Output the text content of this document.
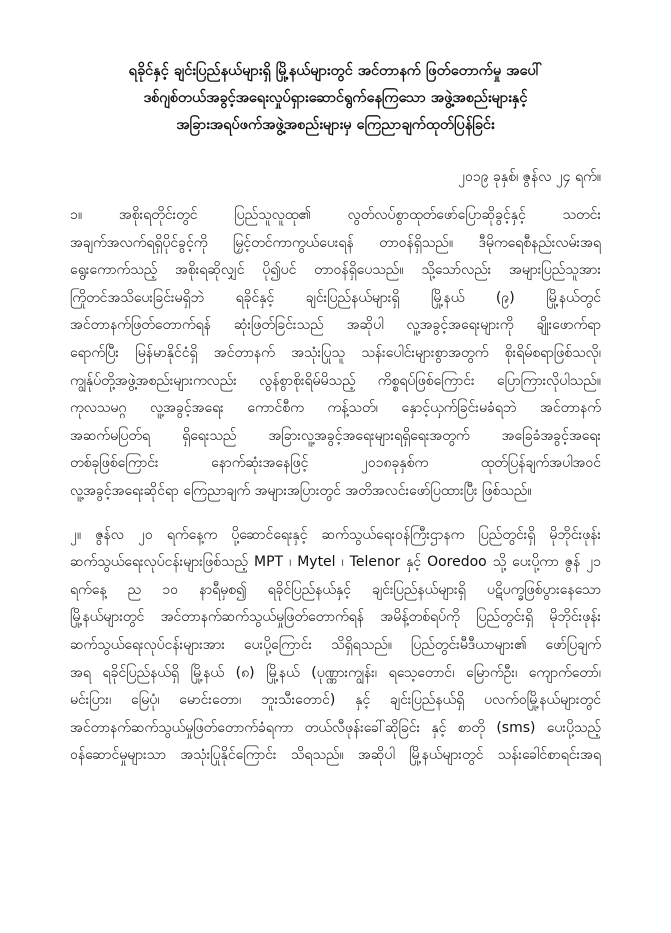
ရခိုင်နှင့် ချင်းပြည်နယ်များရှိ မြို့နယ်များတွင် အင်တာနက် ဖြတ်တောက်မှု အပေါ်
ဒစ်ဂျစ်တယ်အခွင့်အရေးလှုပ်ရှားဆောင်ရွက်နေကြသော အဖွဲ့အစည်းများနှင့်
အခြားအရပ်ဖက်အဖွဲ့အစည်းများမှ ကြေညာချက်ထုတ်ပြန်ခြင်း
၂၀၁၉ ခုနှစ်၊ ဇွန်လ ၂၄ ရက်။
၁။ အစိုးရတိုင်းတွင် ပြည်သူလူထု၏ လွတ်လပ်စွာထုတ်ဖော်ပြောဆိုခွင့်နှင့် သတင်း
အချက်အလက်ရရှိပိုင်ခွင့်ကို မြှင့်တင်ကာကွယ်ပေးရန် တာဝန်ရှိသည်။ ဒီမိုကရေစီနည်းလမ်းအရ
ရွေးကောက်သည့် အစိုးရဆိုလျှင် ပို၍ပင် တာဝန်ရှိပေသည်။ သို့သော်လည်း အများပြည်သူအား
ကြိုတင်အသိပေးခြင်းမရှိဘဲ ရခိုင်နှင့် ချင်းပြည်နယ်များရှိ မြို့နယ် (၉) မြို့နယ်တွင်
အင်တာနက်ဖြတ်တောက်ရန် ဆုံးဖြတ်ခြင်းသည် အဆိုပါ လူ့အခွင့်အရေးများကို ချိုးဖောက်ရာ
ရောက်ပြီး မြန်မာနိုင်ငံရှိ အင်တာနက် အသုံးပြုသူ သန်းပေါင်းများစွာအတွက် စိုးရိမ်စရာဖြစ်သလို၊
ကျွန်ုပ်တို့အဖွဲ့အစည်းများကလည်း လွန်စွာစိုးရိမ်မိသည့် ကိစ္စရပ်ဖြစ်ကြောင်း ပြောကြားလိုပါသည်။
ကုလသမဂ္ဂ လူ့အခွင့်အရေး ကောင်စီက ကန့်သတ်၊ နှောင့်ယှက်ခြင်းမခံရဘဲ အင်တာနက်
အဆက်မပြတ်ရ ရှိရေးသည် အခြားလူ့အခွင့်အရေးများရရှိရေးအတွက် အခြေခံအခွင့်အရေး
တစ်ခုဖြစ်ကြောင်း နောက်ဆုံးအနေဖြင့် ၂၀၁၈ခုနှစ်က ထုတ်ပြန်ချက်အပါအဝင်
လူ့အခွင့်အရေးဆိုင်ရာ ကြေညာချက် အများအပြားတွင် အတိအလင်းဖော်ပြထားပြီး ဖြစ်သည်။
၂။ ဇွန်လ ၂၀ ရက်နေ့က ပို့ဆောင်ရေးနှင့် ဆက်သွယ်ရေးဝန်ကြီးဌာနက ပြည်တွင်းရှိ မိုဘိုင်းဖုန်း
ဆက်သွယ်ရေးလုပ်ငန်းများဖြစ်သည့် MPT ၊ Mytel ၊ Telenor နှင့် Ooredoo သို့ ပေးပို့ကာ ဇွန် ၂၁
ရက်နေ့ ည ၁၀ နာရီမှစ၍ ရခိုင်ပြည်နယ်နှင့် ချင်းပြည်နယ်များရှိ ပဋိပက္ခဖြစ်ပွားနေသော
မြို့နယ်များတွင် အင်တာနက်ဆက်သွယ်မှုဖြတ်တောက်ရန် အမိန့်တစ်ရပ်ကို ပြည်တွင်းရှိ မိုဘိုင်းဖုန်း
ဆက်သွယ်ရေးလုပ်ငန်းများအား ပေးပို့ကြောင်း သိရှိရသည်။ ပြည်တွင်းမီဒီယာများ၏ ဖော်ပြချက်
အရ ရခိုင်ပြည်နယ်ရှိ မြို့နယ် (၈) မြို့နယ် (ပုဏ္ဏားကျွန်း၊ ရသေ့တောင်၊ မြောက်ဦး၊ ကျောက်တော်၊
မင်းပြား၊ မြေပုံ၊ မောင်းတော၊ ဘူးသီးတောင်) နှင့် ချင်းပြည်နယ်ရှိ ပလက်ဝမြို့နယ်များတွင်
အင်တာနက်ဆက်သွယ်မှုဖြတ်တောက်ခံရကာ တယ်လီဖုန်းခေါ်ဆိုခြင်း နှင့် စာတို (sms) ပေးပို့သည့်
ဝန်ဆောင်မှုများသာ အသုံးပြုနိုင်ကြောင်း သိရသည်။ အဆိုပါ မြို့နယ်များတွင် သန်းခေါင်စာရင်းအရ
